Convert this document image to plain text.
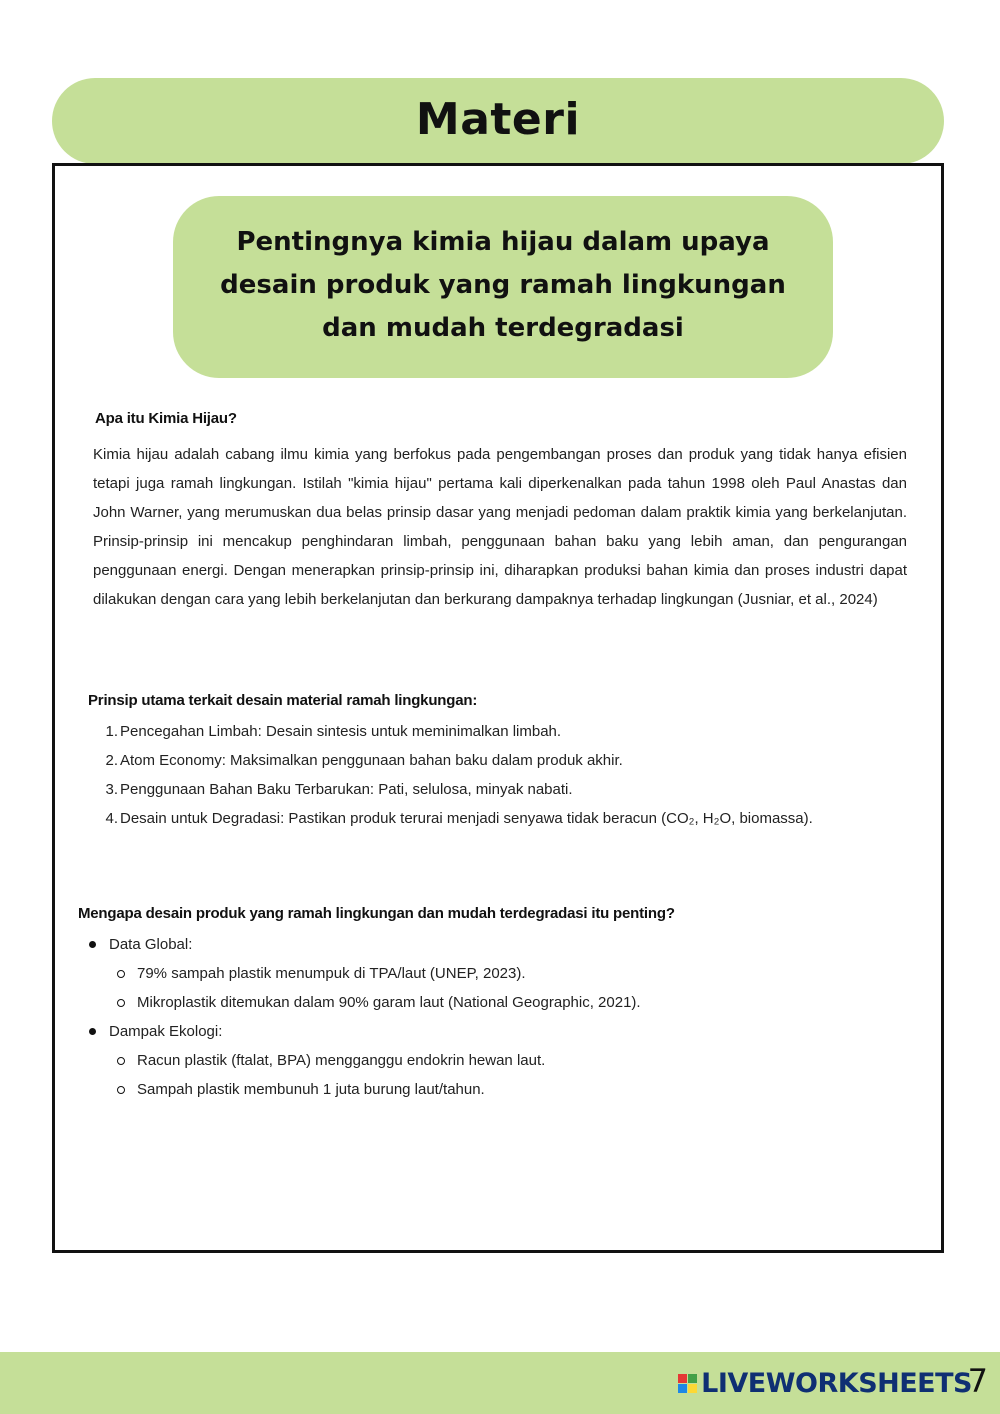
Materi
Pentingnya kimia hijau dalam upaya desain produk yang ramah lingkungan dan mudah terdegradasi
Apa itu Kimia Hijau?
Kimia hijau adalah cabang ilmu kimia yang berfokus pada pengembangan proses dan produk yang tidak hanya efisien tetapi juga ramah lingkungan. Istilah "kimia hijau" pertama kali diperkenalkan pada tahun 1998 oleh Paul Anastas dan John Warner, yang merumuskan dua belas prinsip dasar yang menjadi pedoman dalam praktik kimia yang berkelanjutan. Prinsip-prinsip ini mencakup penghindaran limbah, penggunaan bahan baku yang lebih aman, dan pengurangan penggunaan energi. Dengan menerapkan prinsip-prinsip ini, diharapkan produksi bahan kimia dan proses industri dapat dilakukan dengan cara yang lebih berkelanjutan dan berkurang dampaknya terhadap lingkungan (Jusniar, et al., 2024)
Prinsip utama terkait desain material ramah lingkungan:
1. Pencegahan Limbah: Desain sintesis untuk meminimalkan limbah.
2. Atom Economy: Maksimalkan penggunaan bahan baku dalam produk akhir.
3. Penggunaan Bahan Baku Terbarukan: Pati, selulosa, minyak nabati.
4. Desain untuk Degradasi: Pastikan produk terurai menjadi senyawa tidak beracun (CO₂, H₂O, biomassa).
Mengapa desain produk yang ramah lingkungan dan mudah terdegradasi itu penting?
Data Global:
79% sampah plastik menumpuk di TPA/laut (UNEP, 2023).
Mikroplastik ditemukan dalam 90% garam laut (National Geographic, 2021).
Dampak Ekologi:
Racun plastik (ftalat, BPA) mengganggu endokrin hewan laut.
Sampah plastik membunuh 1 juta burung laut/tahun.
LIVEWORKSHEETS
7
